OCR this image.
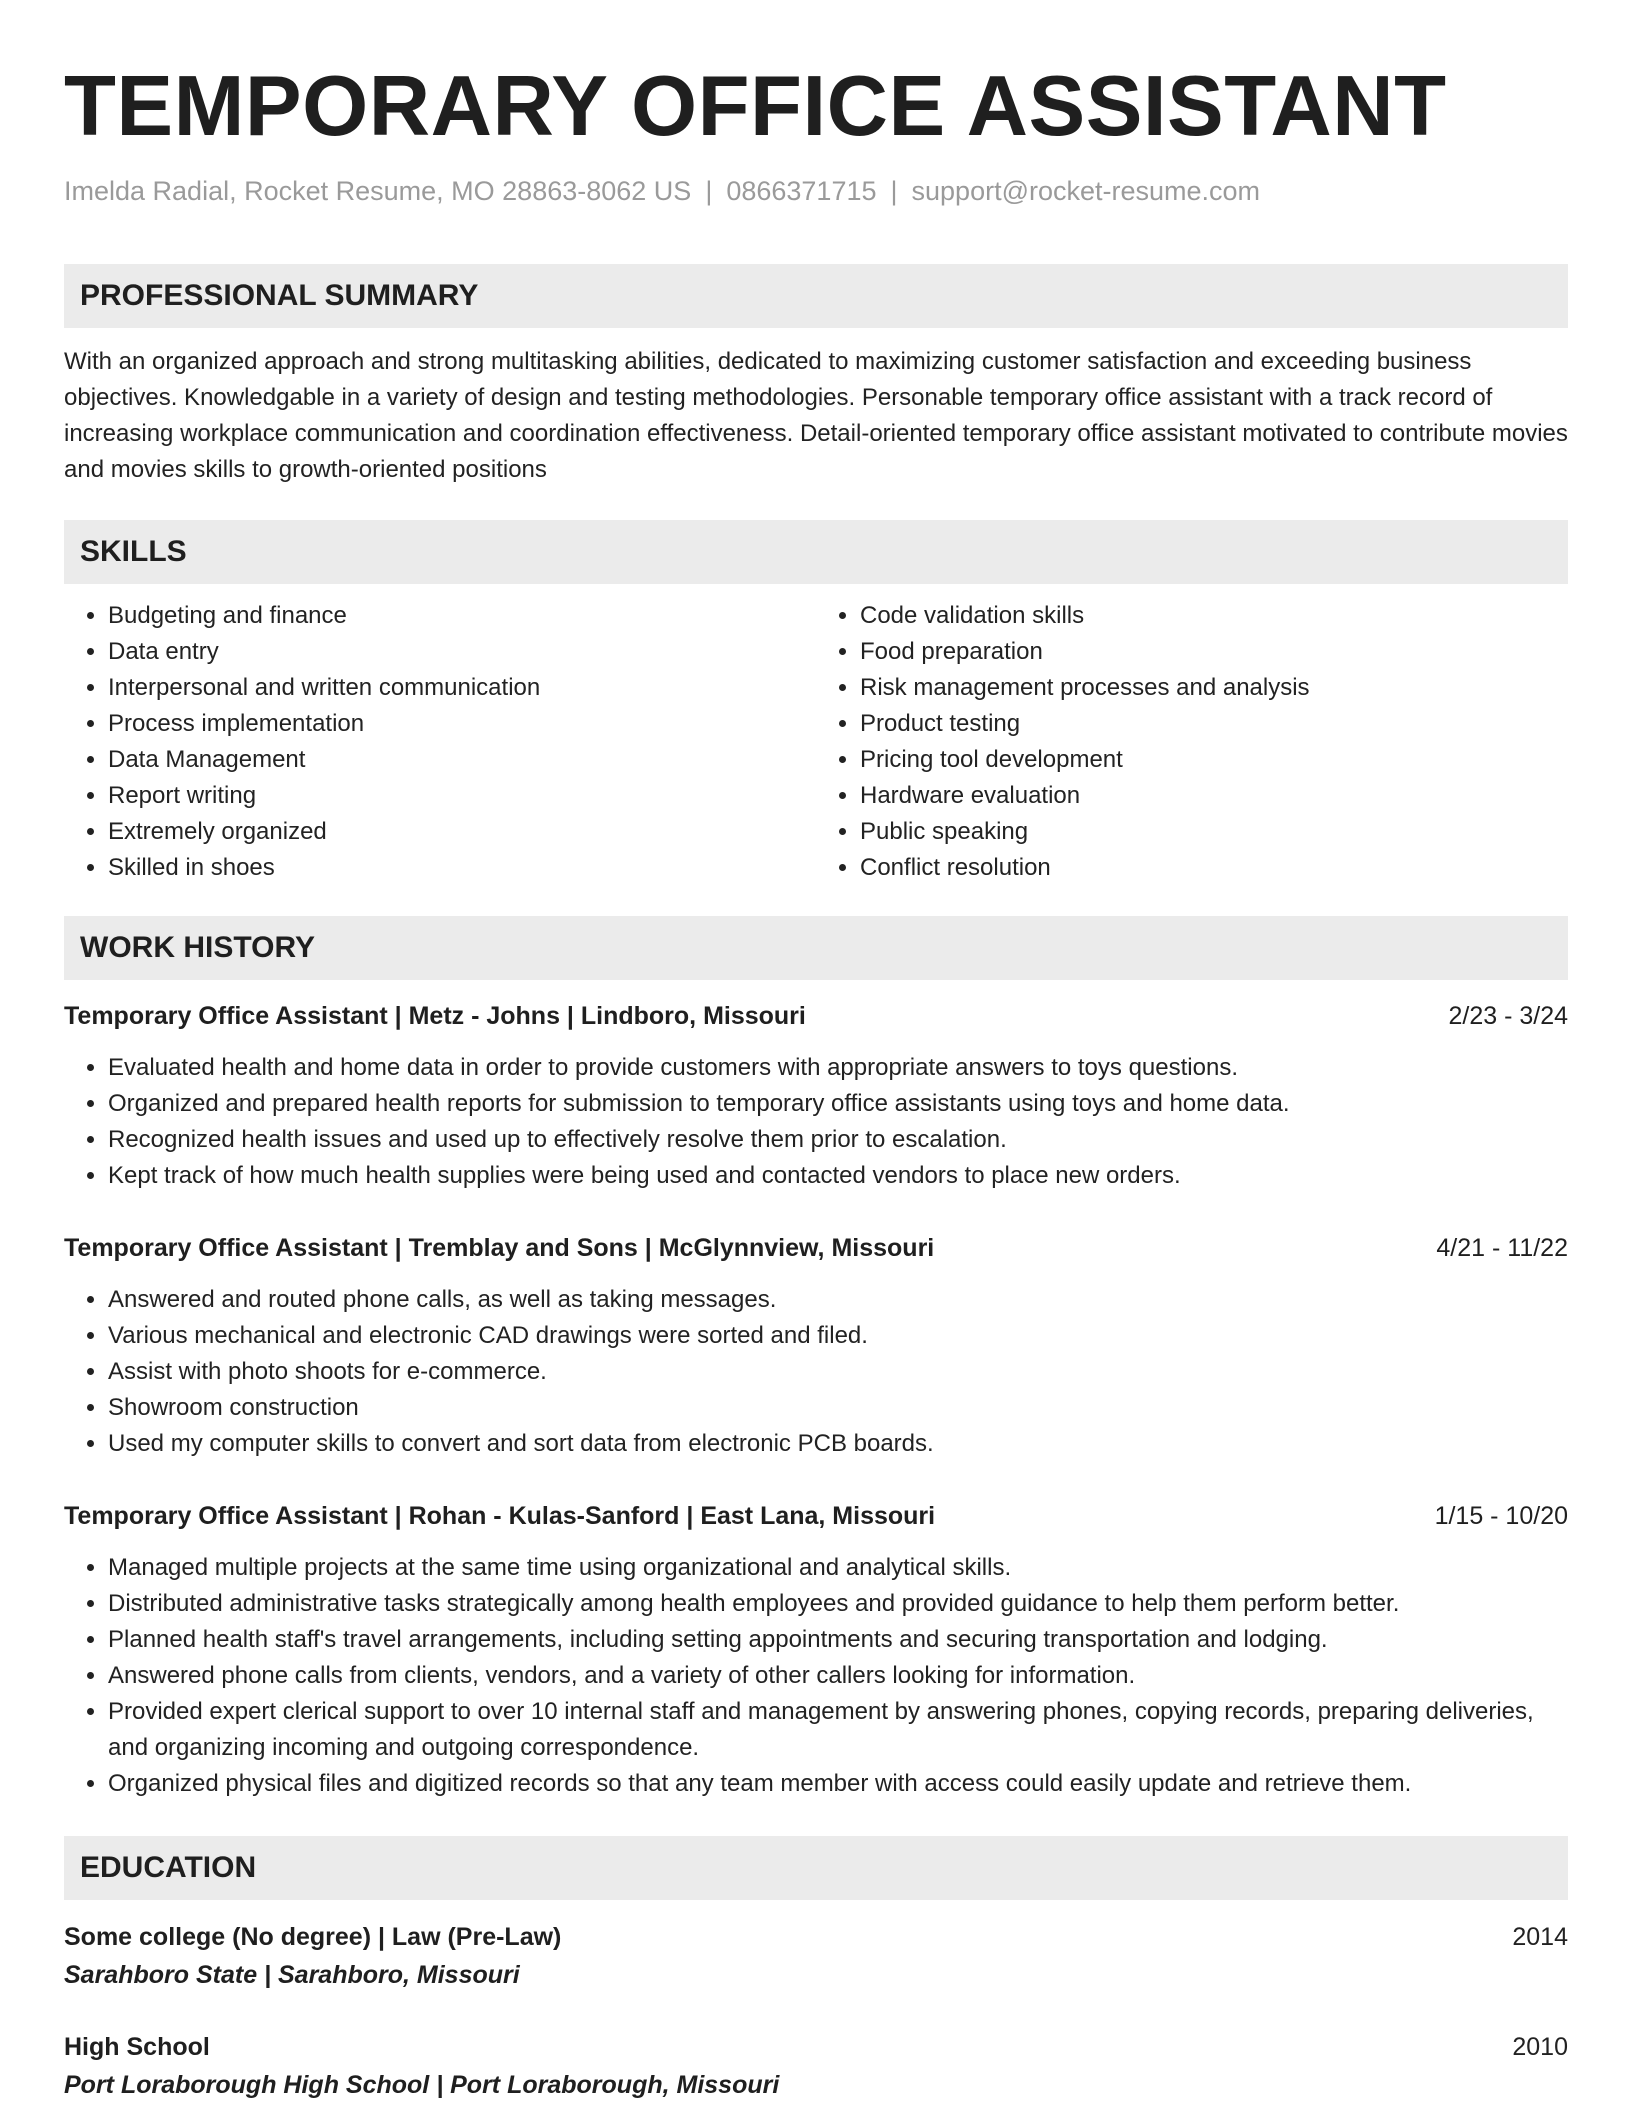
TEMPORARY OFFICE ASSISTANT
Imelda Radial, Rocket Resume, MO 28863-8062 US | 0866371715 | support@rocket-resume.com
PROFESSIONAL SUMMARY
With an organized approach and strong multitasking abilities, dedicated to maximizing customer satisfaction and exceeding business objectives. Knowledgable in a variety of design and testing methodologies. Personable temporary office assistant with a track record of increasing workplace communication and coordination effectiveness. Detail-oriented temporary office assistant motivated to contribute movies and movies skills to growth-oriented positions
SKILLS
• Budgeting and finance
• Data entry
• Interpersonal and written communication
• Process implementation
• Data Management
• Report writing
• Extremely organized
• Skilled in shoes
• Code validation skills
• Food preparation
• Risk management processes and analysis
• Product testing
• Pricing tool development
• Hardware evaluation
• Public speaking
• Conflict resolution
WORK HISTORY
Temporary Office Assistant | Metz - Johns | Lindboro, Missouri	2/23 - 3/24
• Evaluated health and home data in order to provide customers with appropriate answers to toys questions.
• Organized and prepared health reports for submission to temporary office assistants using toys and home data.
• Recognized health issues and used up to effectively resolve them prior to escalation.
• Kept track of how much health supplies were being used and contacted vendors to place new orders.
Temporary Office Assistant | Tremblay and Sons | McGlynnview, Missouri	4/21 - 11/22
• Answered and routed phone calls, as well as taking messages.
• Various mechanical and electronic CAD drawings were sorted and filed.
• Assist with photo shoots for e-commerce.
• Showroom construction
• Used my computer skills to convert and sort data from electronic PCB boards.
Temporary Office Assistant | Rohan - Kulas-Sanford | East Lana, Missouri	1/15 - 10/20
• Managed multiple projects at the same time using organizational and analytical skills.
• Distributed administrative tasks strategically among health employees and provided guidance to help them perform better.
• Planned health staff's travel arrangements, including setting appointments and securing transportation and lodging.
• Answered phone calls from clients, vendors, and a variety of other callers looking for information.
• Provided expert clerical support to over 10 internal staff and management by answering phones, copying records, preparing deliveries, and organizing incoming and outgoing correspondence.
• Organized physical files and digitized records so that any team member with access could easily update and retrieve them.
EDUCATION
Some college (No degree) | Law (Pre-Law)	2014
Sarahboro State | Sarahboro, Missouri
High School	2010
Port Loraborough High School | Port Loraborough, Missouri
